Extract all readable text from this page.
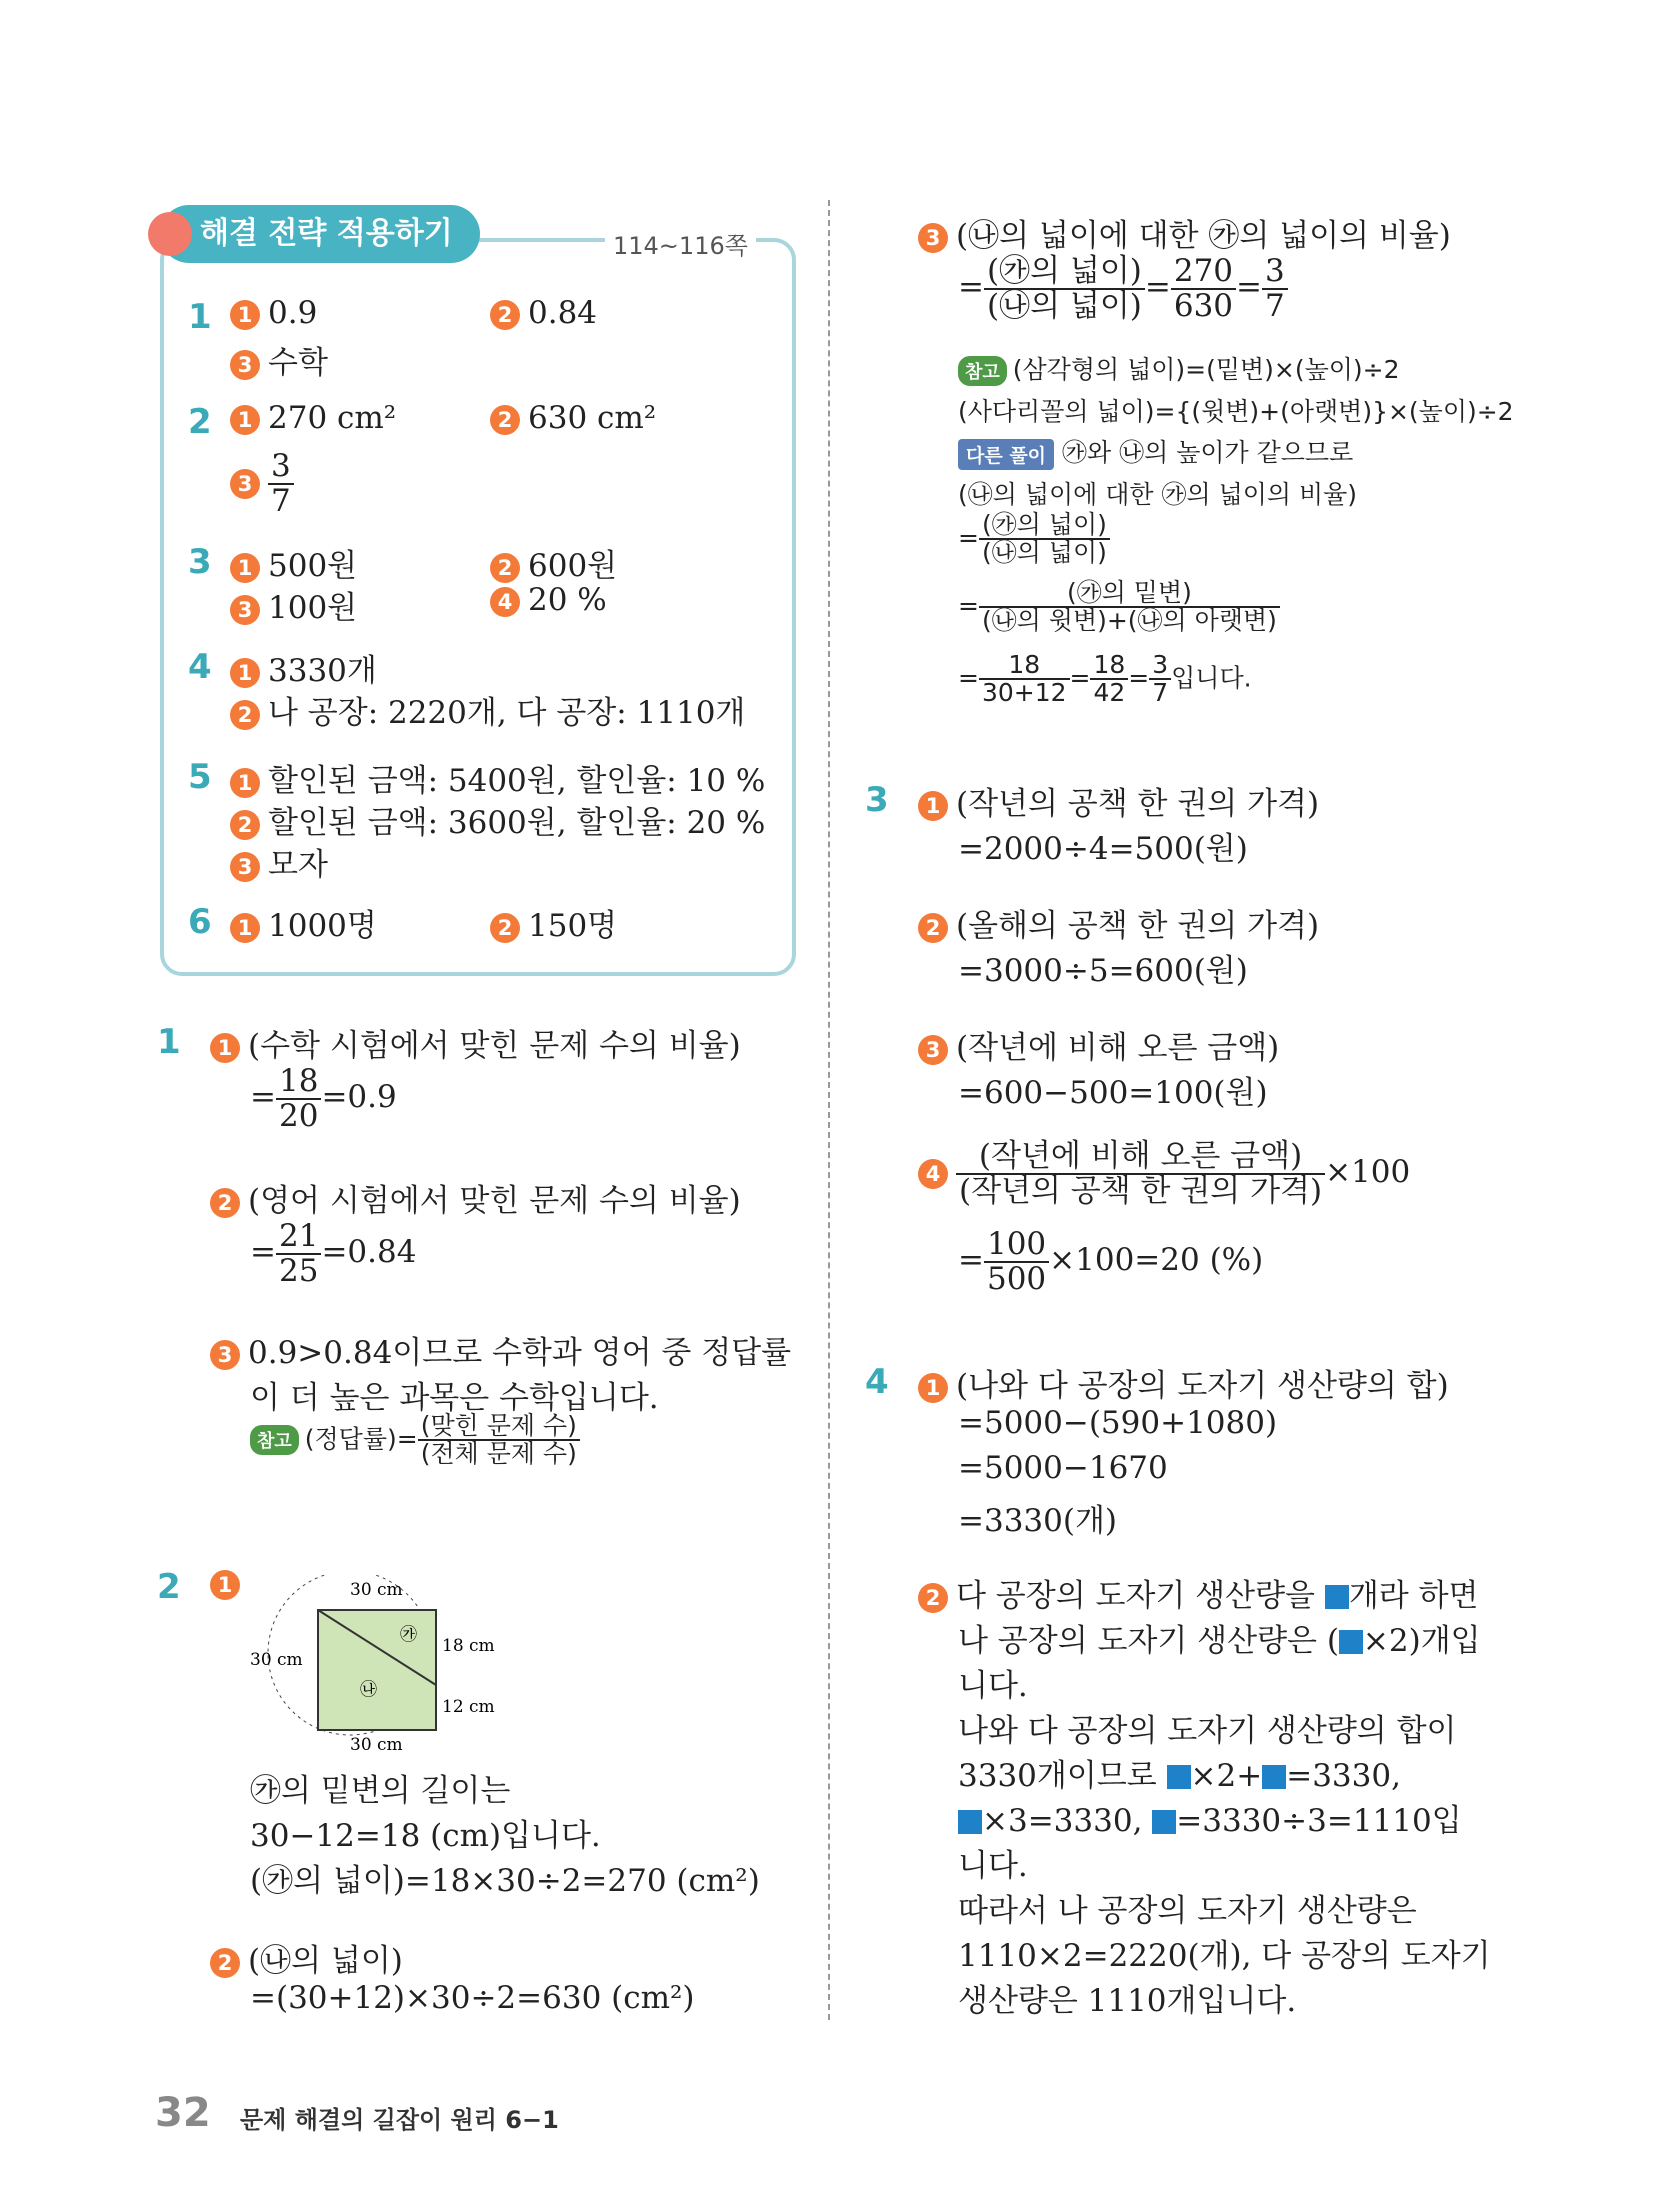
해결 전략 적용하기	114~116쪽
1	1 0.9	2 0.84
3 수학
2	1 270 cm²	2 630 cm²
$3 \frac{3}{7}$
3	1 500원	2 600원
3 100원	4 20 %
4	1 3330개
2 나 공장: 2220개, 다 공장: 1110개
5	1 할인된 금액: 5400원, 할인율: 10 %
2 할인된 금액: 3600원, 할인율: 20 %
3 모자
6	1 1000명	2 150명
1	1 (수학 시험에서 맞힌 문제 수의 비율)
= $\frac{18}{20} =0.9$
2 (영어 시험에서 맞힌 문제 수의 비율)
= $\frac{21}{25} =0.84$
3 0.9>0.84이므로 수학과 영어 중 정답률
이 더 높은 과목은 수학입니다.
참고 (정답률)= $\frac{\text{(맞힌 문제 수)}}{\text{(전체 문제 수)}}$
2	1	30 cm
30 cm
30 cm
18 cm
12 cm
㉮
㉯
㉮의 밑변의 길이는
30−12=18 (cm)입니다.
(㉮의 넓이)=18×30÷2=270 (cm²)
2 (㉯의 넓이)
=(30+12)×30÷2=630 (cm²)
3 (㉯의 넓이에 대한 ㉮의 넓이의 비율)
= $\frac{\text{(㉮의 넓이)}}{\text{(㉯의 넓이)}} = \frac{270}{630} = \frac{3}{7}$
참고 (삼각형의 넓이)=(밑변)×(높이)÷2
(사다리꼴의 넓이)={(윗변)+(아랫변)}×(높이)÷2
다른 풀이 ㉮와 ㉯의 높이가 같으므로
(㉯의 넓이에 대한 ㉮의 넓이의 비율)
= $\frac{\text{(㉮의 넓이)}}{\text{(㉯의 넓이)}}$
= $\frac{\text{(㉮의 밑변)}}{\text{(㉯의 윗변)+(㉯의 아랫변)}}$
= $\frac{18}{30+12} = \frac{18}{42} = \frac{3}{7}$ 입니다.
3	1 (작년의 공책 한 권의 가격)
=2000÷4=500(원)
2 (올해의 공책 한 권의 가격)
=3000÷5=600(원)
3 (작년에 비해 오른 금액)
=600−500=100(원)
$4 \frac{\text{(작년에 비해 오른 금액)}}{\text{(작년의 공책 한 권의 가격)}} \times 100$
= $\frac{100}{500} \times 100=20$ (%)
4	1 (나와 다 공장의 도자기 생산량의 합)
=5000−(590+1080)
=5000−1670
=3330(개)
2 다 공장의 도자기 생산량을 개라 하면
나 공장의 도자기 생산량은 ( ×2)개입
니다.
나와 다 공장의 도자기 생산량의 합이
3330개이므로 ×2+ =3330,
×3=3330, =3330÷3=1110입
니다.
따라서 나 공장의 도자기 생산량은
1110×2=2220(개), 다 공장의 도자기
생산량은 1110개입니다.
32 문제 해결의 길잡이 원리 6−1
